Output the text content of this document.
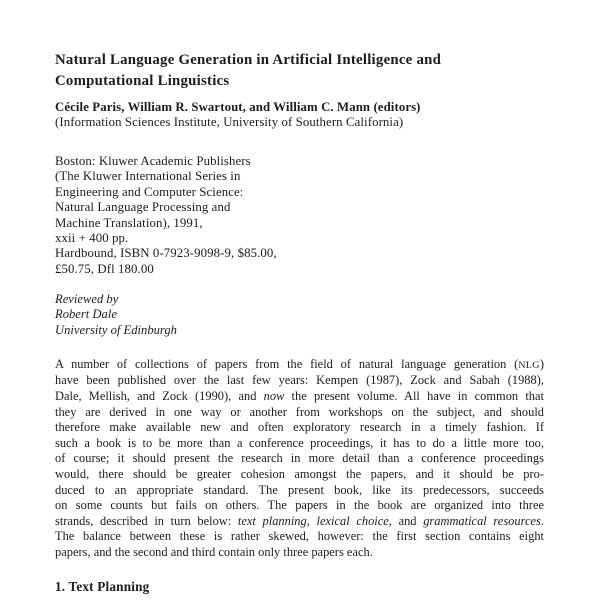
Natural Language Generation in Artificial Intelligence and
Computational Linguistics
Cécile Paris, William R. Swartout, and William C. Mann (editors)
(Information Sciences Institute, University of Southern California)
Boston: Kluwer Academic Publishers
(The Kluwer International Series in
Engineering and Computer Science:
Natural Language Processing and
Machine Translation), 1991,
xxii + 400 pp.
Hardbound, ISBN 0-7923-9098-9, $85.00,
£50.75, Dfl 180.00
Reviewed by
Robert Dale
University of Edinburgh
A number of collections of papers from the field of natural language generation (NLG)
have been published over the last few years: Kempen (1987), Zock and Sabah (1988),
Dale, Mellish, and Zock (1990), and now the present volume. All have in common that
they are derived in one way or another from workshops on the subject, and should
therefore make available new and often exploratory research in a timely fashion. If
such a book is to be more than a conference proceedings, it has to do a little more too,
of course; it should present the research in more detail than a conference proceedings
would, there should be greater cohesion amongst the papers, and it should be pro-
duced to an appropriate standard. The present book, like its predecessors, succeeds
on some counts but fails on others. The papers in the book are organized into three
strands, described in turn below: text planning, lexical choice, and grammatical resources.
The balance between these is rather skewed, however: the first section contains eight
papers, and the second and third contain only three papers each.
1. Text Planning
